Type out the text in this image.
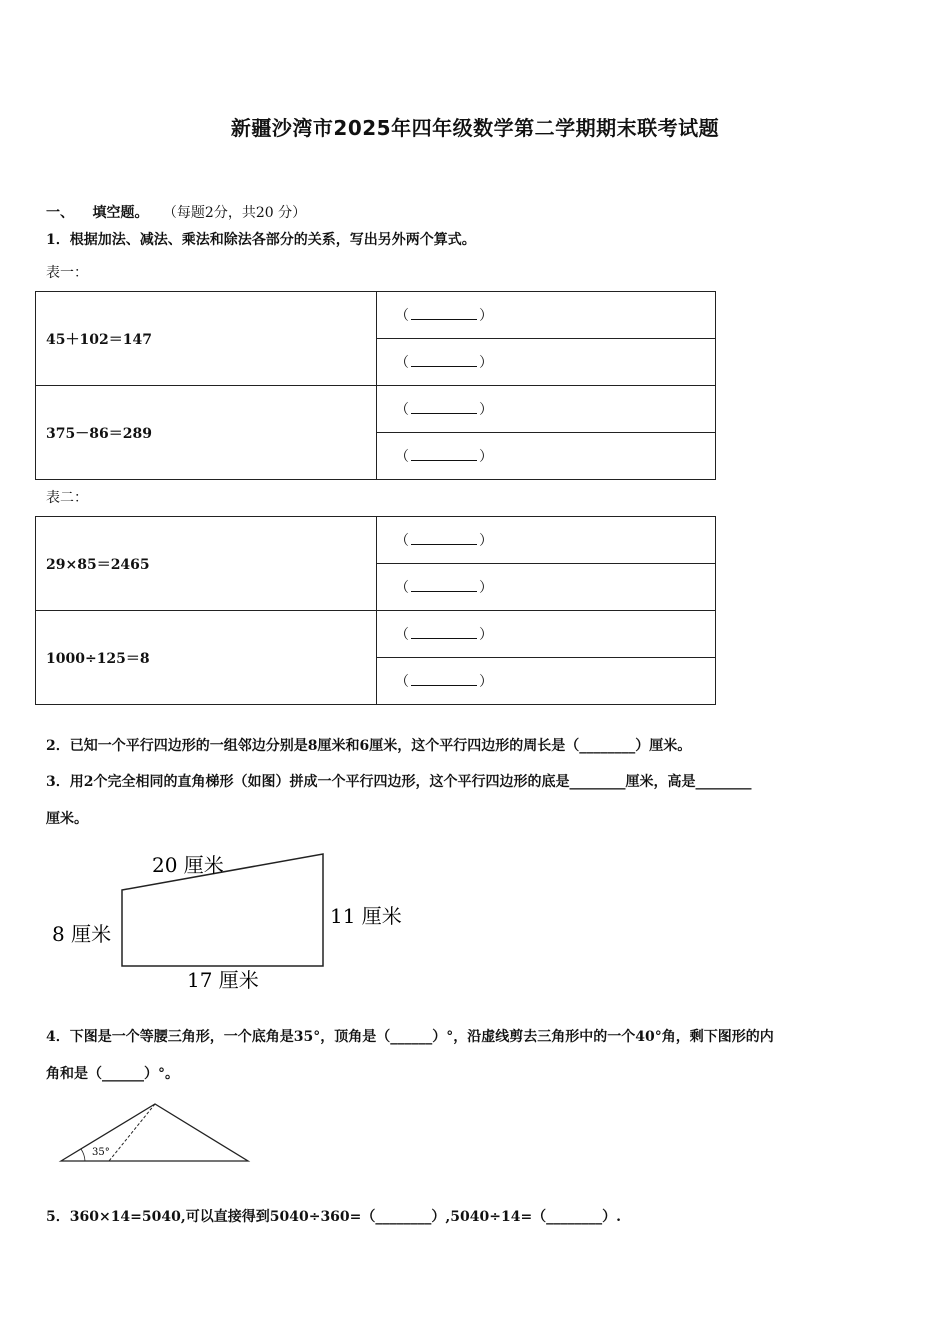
新疆沙湾市2025年四年级数学第二学期期末联考试题
一、 填空题。 （每题2分，共20 分）
1．根据加法、减法、乘法和除法各部分的关系，写出另外两个算式。
表一：
45＋102＝147	（ ）
	（ ）
375－86＝289	（ ）
	（ ）
表二：
29×85＝2465	（ ）
	（ ）
1000÷125＝8	（ ）
	（ ）
2．已知一个平行四边形的一组邻边分别是8厘米和6厘米，这个平行四边形的周长是（________）厘米。
3．用2个完全相同的直角梯形（如图）拼成一个平行四边形，这个平行四边形的底是________厘米，高是________
厘米。
20 厘米
8 厘米
11 厘米
17 厘米
4．下图是一个等腰三角形，一个底角是35°，顶角是（______）°，沿虚线剪去三角形中的一个40°角，剩下图形的内
角和是（______）°。
35°
5．360×14=5040,可以直接得到5040÷360=（________）,5040÷14=（________）.
